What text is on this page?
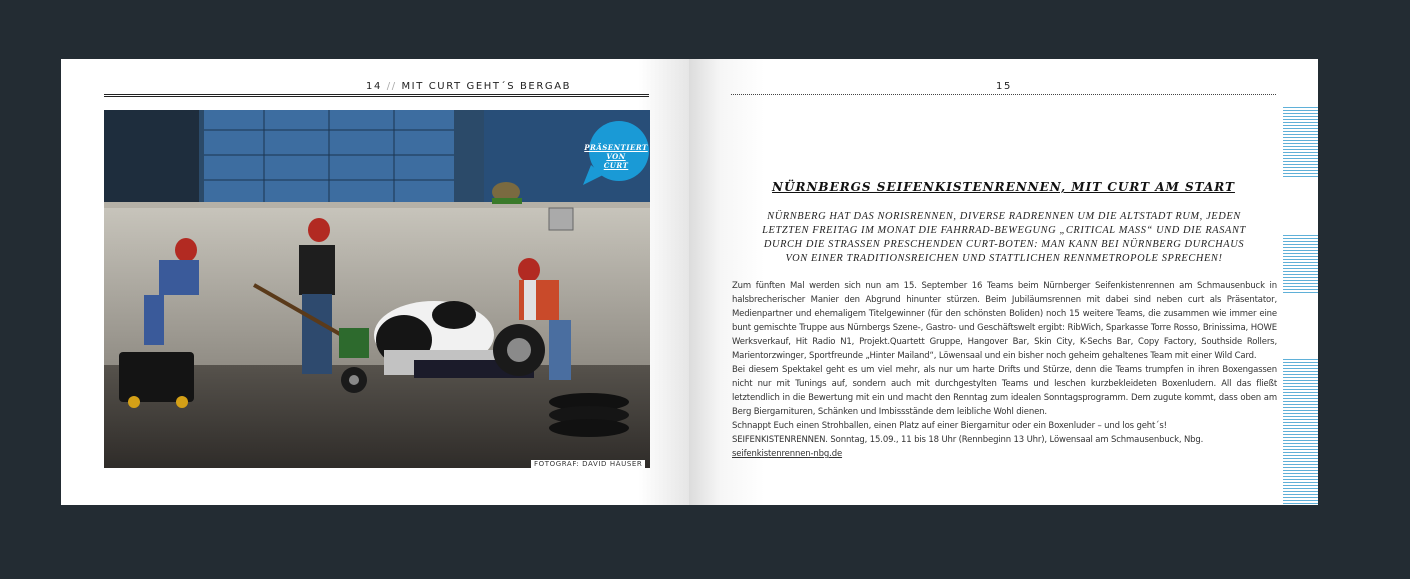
14 // MIT CURT GEHT´S BERGAB
PRÄSENTIERT
VON
CURT
FOTOGRAF: DAVID HÄUSER
15
NÜRNBERGS SEIFENKISTENRENNEN, MIT CURT AM START
NÜRNBERG HAT DAS NORISRENNEN, DIVERSE RADRENNEN UM DIE ALTSTADT RUM, JEDEN
LETZTEN FREITAG IM MONAT DIE FAHRRAD-BEWEGUNG „CRITICAL MASS“ UND DIE RASANT
DURCH DIE STRASSEN PRESCHENDEN CURT-BOTEN: MAN KANN BEI NÜRNBERG DURCHAUS
VON EINER TRADITIONSREICHEN UND STATTLICHEN RENNMETROPOLE SPRECHEN!

Zum fünften Mal werden sich nun am 15. September 16 Teams beim Nürnberger Seifenkistenrennen am Schmausenbuck in halsbrecherischer Manier den Abgrund hinunter stürzen. Beim Jubiläumsrennen mit dabei sind neben curt als Präsentator, Medienpartner und ehemaligem Titelgewinner (für den schönsten Boliden) noch 15 weitere Teams, die zusammen wie immer eine bunt gemischte Truppe aus Nürnbergs Szene-, Gastro- und Geschäftswelt ergibt: RibWich, Sparkasse Torre Rosso, Brinissima, HOWE Werksverkauf, Hit Radio N1, Projekt.Quartett Gruppe, Hangover Bar, Skin City, K-Sechs Bar, Copy Factory, Southside Rollers, Marientorzwinger, Sportfreunde „Hinter Mailand“, Löwensaal und ein bisher noch geheim gehaltenes Team mit einer Wild Card.

Bei diesem Spektakel geht es um viel mehr, als nur um harte Drifts und Stürze, denn die Teams trumpfen in ihren Boxengassen nicht nur mit Tunings auf, sondern auch mit durchgestylten Teams und leschen kurzbekleideten Boxenludern. All das fließt letztendlich in die Bewertung mit ein und macht den Renntag zum idealen Sonntagsprogramm. Dem zugute kommt, dass oben am Berg Biergarnituren, Schänken und Imbissstände dem leibliche Wohl dienen.

Schnappt Euch einen Strohballen, einen Platz auf einer Biergarnitur oder ein Boxenluder – und los geht´s!

SEIFENKISTENRENNEN. Sonntag, 15.09., 11 bis 18 Uhr (Rennbeginn 13 Uhr), Löwensaal am Schmausenbuck, Nbg.

seifenkistenrennen-nbg.de
